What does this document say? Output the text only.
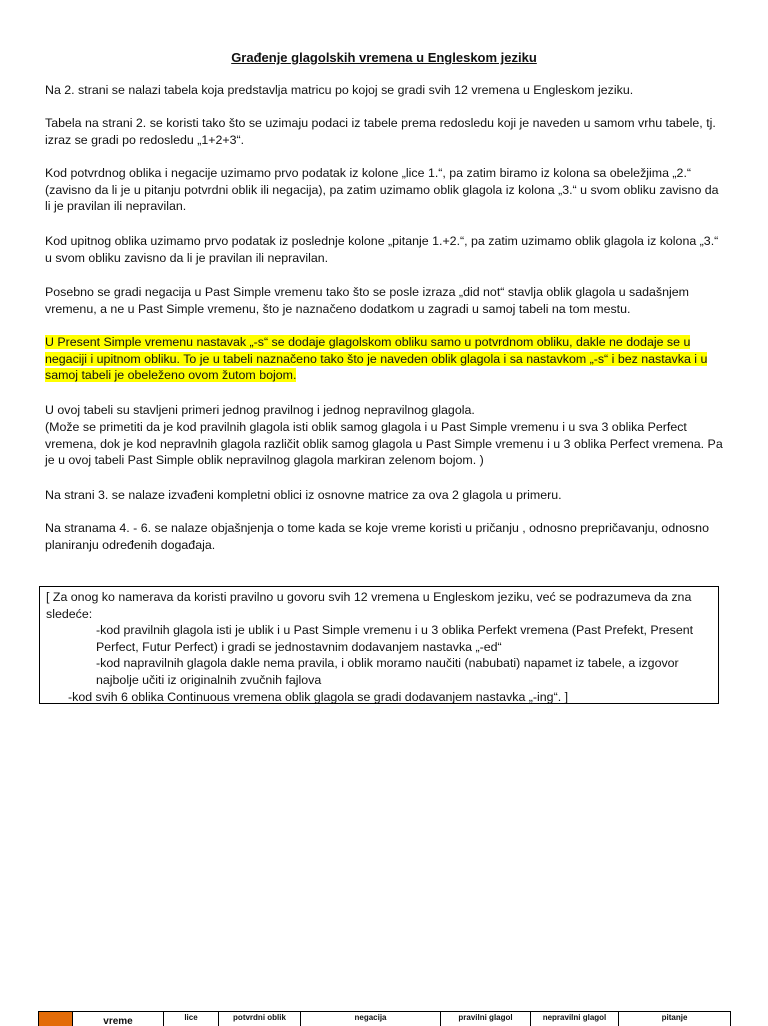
Građenje glagolskih vremena u Engleskom jeziku

Na 2. strani se nalazi tabela koja predstavlja matricu po kojoj se gradi svih 12 vremena u Engleskom jeziku.

Tabela na strani 2. se koristi tako što se uzimaju podaci iz tabele prema redosledu koji je naveden u samom vrhu tabele, tj. izraz se gradi po redosledu „1+2+3“.

Kod potvrdnog oblika i negacije uzimamo prvo podatak iz kolone „lice 1.“, pa zatim biramo iz kolona sa obeležjima „2.“ (zavisno da li je u pitanju potvrdni oblik ili negacija), pa zatim uzimamo oblik glagola iz kolona „3.“ u svom obliku zavisno da li je pravilan ili nepravilan.

Kod upitnog oblika uzimamo prvo podatak iz poslednje kolone „pitanje 1.+2.“, pa zatim uzimamo oblik glagola iz kolona „3.“ u svom obliku zavisno da li je pravilan ili nepravilan.

Posebno se gradi negacija u Past Simple vremenu tako što se posle izraza „did not“ stavlja oblik glagola u sadašnjem vremenu, a ne u Past Simple vremenu, što je naznačeno dodatkom u zagradi u samoj tabeli na tom mestu.

U Present Simple vremenu nastavak „-s“ se dodaje glagolskom obliku samo u potvrdnom obliku, dakle ne dodaje se u negaciji i upitnom obliku. To je u tabeli naznačeno tako što je naveden oblik glagola i sa nastavkom „-s“ i bez nastavka i u samoj tabeli je obeleženo ovom žutom bojom.

U ovoj tabeli su stavljeni primeri jednog pravilnog i jednog nepravilnog glagola.

(Može se primetiti da je kod pravilnih glagola isti oblik samog glagola i u Past Simple vremenu i u sva 3 oblika Perfect vremena, dok je kod nepravlnih glagola različit oblik samog glagola u Past Simple vremenu i u 3 oblika Perfect vremena. Pa je u ovoj tabeli Past Simple oblik nepravilnog glagola markiran zelenom bojom. )

Na strani 3. se nalaze izvađeni kompletni oblici iz osnovne matrice za ova 2 glagola u primeru.

Na stranama 4. - 6. se nalaze objašnjenja o tome kada se koje vreme koristi u pričanju , odnosno prepričavanju, odnosno planiranju određenih događaja.

[ Za onog ko namerava da koristi pravilno u govoru svih 12 vremena u Engleskom jeziku, već se podrazumeva da zna sledeće:
-kod pravilnih glagola isti je ublik i u Past Simple vremenu i u 3 oblika Perfekt vremena (Past Prefekt, Present Perfect, Futur Perfect) i gradi se jednostavnim dodavanjem nastavka „-ed“
-kod napravilnih glagola dakle nema pravila, i oblik moramo naučiti (nabubati) napamet iz tabele, a izgovor najbolje učiti iz originalnih zvučnih fajlova
-kod svih 6 oblika Continuous vremena oblik glagola se gradi dodavanjem nastavka „-ing“. ]
vreme	lice	potvrdni oblik	negacija	pravilni glagol	nepravilni glagol	pitanje
